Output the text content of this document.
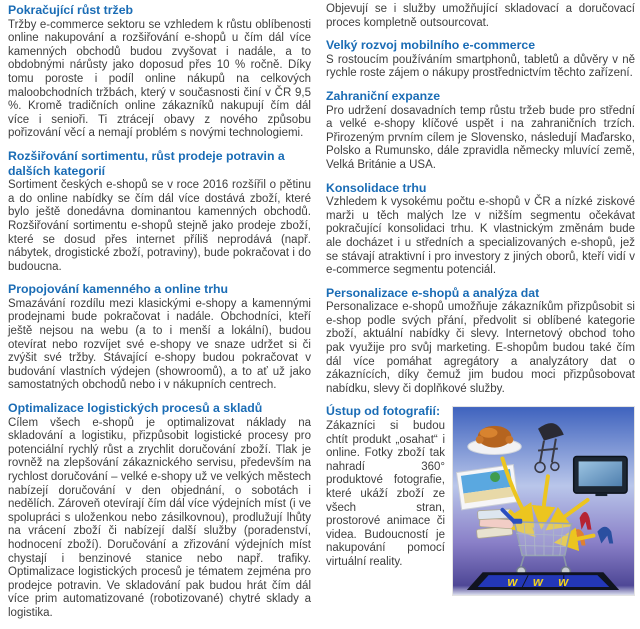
Pokračující růst tržeb

Tržby e-commerce sektoru se vzhledem k růstu oblíbenosti online nakupování a rozšiřování e-shopů u čím dál více kamenných obchodů budou zvyšovat i nadále, a to obdobnými nárůsty jako doposud přes 10 % ročně. Díky tomu poroste i podíl online nákupů na celkových maloobchodních tržbách, který v současnosti činí v ČR 9,5 %. Kromě tradičních online zákazníků nakupují čím dál více i senioři. Ti ztrácejí obavy z nového způsobu pořizování věcí a nemají problém s novými technologiemi.

Rozšiřování sortimentu, růst prodeje potravin a dalších kategorií

Sortiment českých e-shopů se v roce 2016 rozšířil o pětinu a do online nabídky se čím dál více dostává zboží, které bylo ještě donedávna dominantou kamenných obchodů. Rozšiřování sortimentu e-shopů stejně jako prodeje zboží, které se dosud přes internet příliš neprodává (např. nábytek, drogistické zboží, potraviny), bude pokračovat i do budoucna.

Propojování kamenného a online trhu

Smazávání rozdílu mezi klasickými e-shopy a kamennými prodejnami bude pokračovat i nadále. Obchodníci, kteří ještě nejsou na webu (a to i menší a lokální), budou otevírat nebo rozvíjet své e-shopy ve snaze udržet si či zvýšit své tržby. Stávající e-shopy budou pokračovat v budování vlastních výdejen (showroomů), a to ať už jako samostatných obchodů nebo i v nákupních centrech.

Optimalizace logistických procesů a skladů

Cílem všech e-shopů je optimalizovat náklady na skladování a logistiku, přizpůsobit logistické procesy pro potenciální rychlý růst a zrychlit doručování zboží. Tlak je rovněž na zlepšování zákaznického servisu, především na rychlost doručování – velké e-shopy už ve velkých městech nabízejí doručování v den objednání, o sobotách i nedělích. Zároveň otevírají čím dál více výdejních míst (i ve spolupráci s uloženkou nebo zásilkovnou), prodlužují lhůty na vrácení zboží či nabízejí další služby (poradenství, hodnocení zboží). Doručování a zřizování výdejních míst chystají i benzinové stanice nebo např. trafiky. Optimalizace logistických procesů je tématem zejména pro prodejce potravin. Ve skladování pak budou hrát čím dál více prim automatizované (robotizované) chytré sklady a logistika.

Objevují se i služby umožňující skladovací a doručovací proces kompletně outsourcovat.

Velký rozvoj mobilního e-commerce

S rostoucím používáním smartphonů, tabletů a důvěry v ně rychle roste zájem o nákupy prostřednictvím těchto zařízení.

Zahraniční expanze

Pro udržení dosavadních temp růstu tržeb bude pro střední a velké e-shopy klíčové uspět i na zahraničních trzích. Přirozeným prvním cílem je Slovensko, následují Maďarsko, Polsko a Rumunsko, dále zpravidla německy mluvící země, Velká Británie a USA.

Konsolidace trhu

Vzhledem k vysokému počtu e-shopů v ČR a nízké ziskové marži u těch malých lze v nižším segmentu očekávat pokračující konsolidaci trhu. K vlastnickým změnám bude ale docházet i u středních a specializovaných e-shopů, jež se stávají atraktivní i pro investory z jiných oborů, kteří vidí v e-commerce segmentu potenciál.

Personalizace e-shopů a analýza dat

Personalizace e-shopů umožňuje zákazníkům přizpůsobit si e-shop podle svých přání, předvolit si oblíbené kategorie zboží, aktuální nabídky či slevy. Internetový obchod toho pak využije pro svůj marketing. E-shopům budou také čím dál více pomáhat agregátory a analyzátory dat o zákaznících, díky čemuž jim budou moci přizpůsobovat nabídku, slevy či doplňkové služby.

w w w
Ústup od fotografií:

Zákazníci si budou chtít produkt „osahat“ i online. Fotky zboží tak nahradí 360° produktové fotografie, které ukáží zboží ze všech stran, prostorové animace či videa. Budoucností je nakupování pomocí virtuální reality.
